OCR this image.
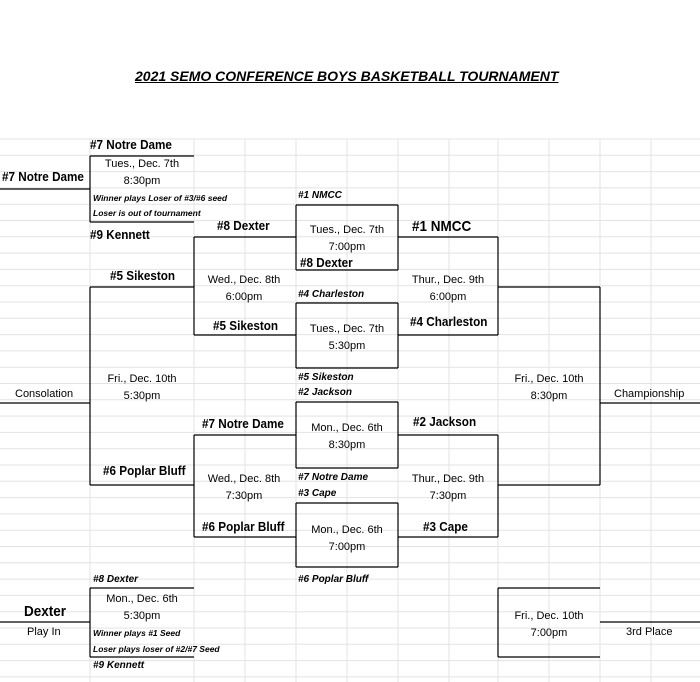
2021 SEMO CONFERENCE BOYS BASKETBALL TOURNAMENT
#7 Notre Dame
#7 Notre Dame
Tues., Dec. 7th
8:30pm
Winner plays Loser of #3/#6 seed
Loser is out of tournament
#9 Kennett
#1 NMCC
Tues., Dec. 7th
7:00pm
#8 Dexter
#4 Charleston
Tues., Dec. 7th
5:30pm
#5 Sikeston
#2 Jackson
Mon., Dec. 6th
8:30pm
#7 Notre Dame
#3 Cape
Mon., Dec. 6th
7:00pm
#6 Poplar Bluff
#1 NMCC
Thur., Dec. 9th
6:00pm
#4 Charleston
#2 Jackson
Thur., Dec. 9th
7:30pm
#3 Cape
#8 Dexter
Wed., Dec. 8th
6:00pm
#5 Sikeston
#7 Notre Dame
Wed., Dec. 8th
7:30pm
#6 Poplar Bluff
#5 Sikeston
Fri., Dec. 10th
5:30pm
#6 Poplar Bluff
Consolation
Fri., Dec. 10th
8:30pm	Championship
#8 Dexter
Dexter
Mon., Dec. 6th
5:30pm
Winner plays #1 Seed
Loser plays loser of #2/#7 Seed
#9 Kennett
Play In
Fri., Dec. 10th
7:00pm	3rd Place
